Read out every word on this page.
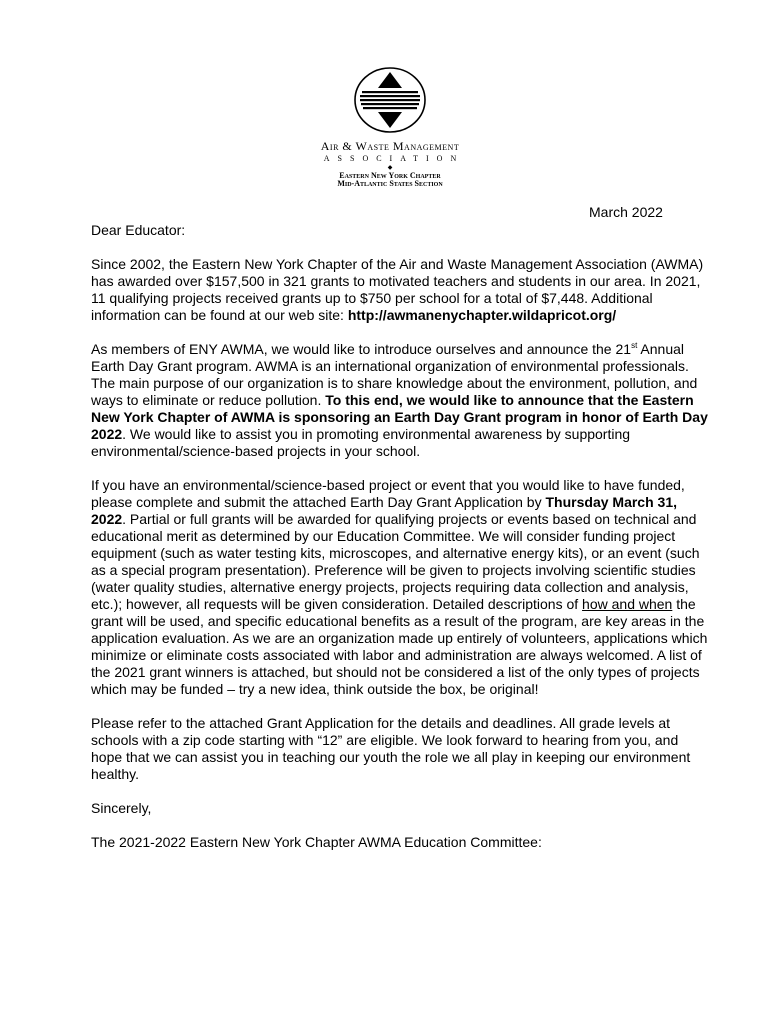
Air & Waste Management
ASSOCIATION
◆
Eastern New York Chapter
Mid-Atlantic States Section
March 2022

Dear Educator:

Since 2002, the Eastern New York Chapter of the Air and Waste Management Association (AWMA) has awarded over $157,500 in 321 grants to motivated teachers and students in our area. In 2021, 11 qualifying projects received grants up to $750 per school for a total of $7,448. Additional information can be found at our web site: http://awmanenychapter.wildapricot.org/

As members of ENY AWMA, we would like to introduce ourselves and announce the 21st Annual Earth Day Grant program. AWMA is an international organization of environmental professionals. The main purpose of our organization is to share knowledge about the environment, pollution, and ways to eliminate or reduce pollution. To this end, we would like to announce that the Eastern New York Chapter of AWMA is sponsoring an Earth Day Grant program in honor of Earth Day 2022. We would like to assist you in promoting environmental awareness by supporting environmental/science-based projects in your school.

If you have an environmental/science-based project or event that you would like to have funded, please complete and submit the attached Earth Day Grant Application by Thursday March 31, 2022. Partial or full grants will be awarded for qualifying projects or events based on technical and educational merit as determined by our Education Committee. We will consider funding project equipment (such as water testing kits, microscopes, and alternative energy kits), or an event (such as a special program presentation). Preference will be given to projects involving scientific studies (water quality studies, alternative energy projects, projects requiring data collection and analysis, etc.); however, all requests will be given consideration. Detailed descriptions of how and when the grant will be used, and specific educational benefits as a result of the program, are key areas in the application evaluation. As we are an organization made up entirely of volunteers, applications which minimize or eliminate costs associated with labor and administration are always welcomed. A list of the 2021 grant winners is attached, but should not be considered a list of the only types of projects which may be funded – try a new idea, think outside the box, be original!

Please refer to the attached Grant Application for the details and deadlines. All grade levels at schools with a zip code starting with “12” are eligible. We look forward to hearing from you, and hope that we can assist you in teaching our youth the role we all play in keeping our environment healthy.

Sincerely,

The 2021-2022 Eastern New York Chapter AWMA Education Committee:
